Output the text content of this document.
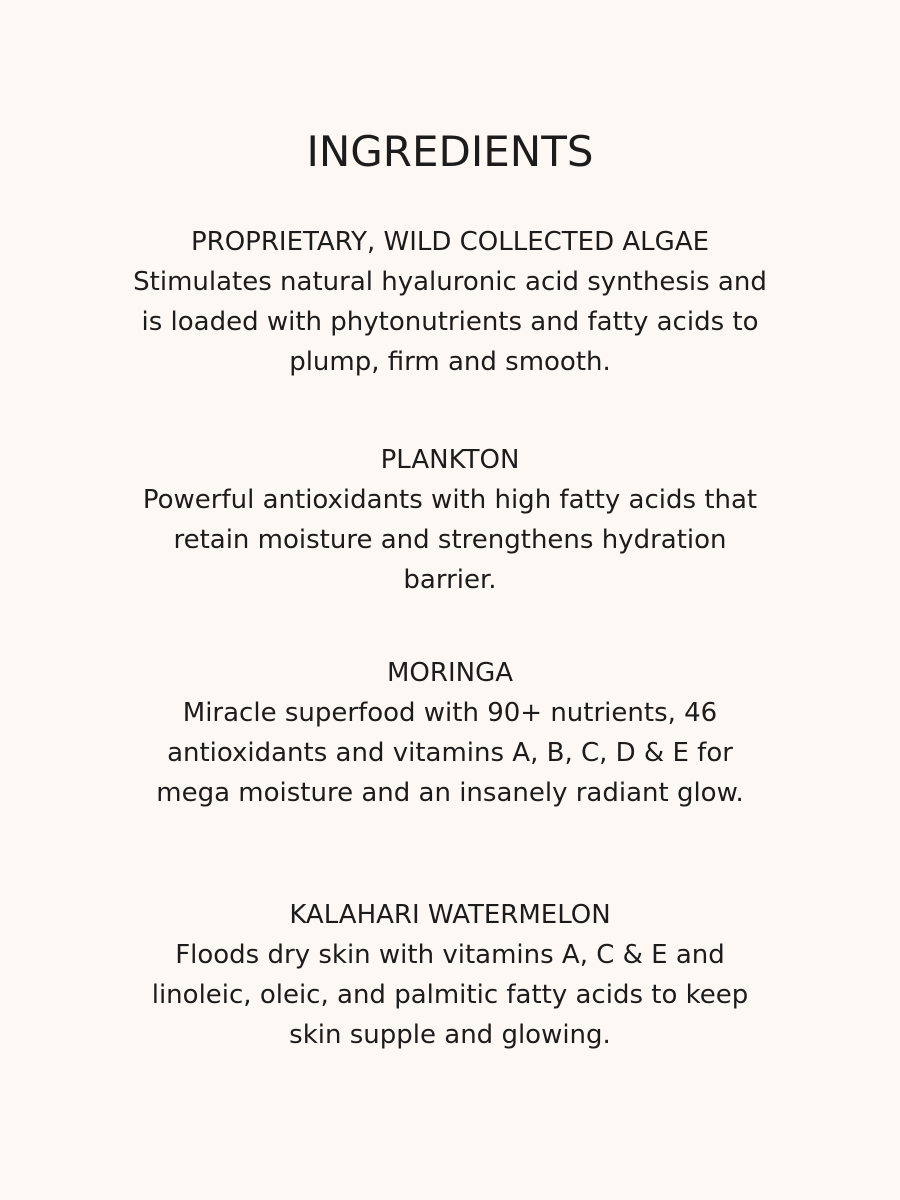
INGREDIENTS
PROPRIETARY, WILD COLLECTED ALGAE

Stimulates natural hyaluronic acid synthesis and is loaded with phytonutrients and fatty acids to plump, firm and smooth.

PLANKTON

Powerful antioxidants with high fatty acids that retain moisture and strengthens hydration barrier.

MORINGA

Miracle superfood with 90+ nutrients, 46 antioxidants and vitamins A, B, C, D & E for mega moisture and an insanely radiant glow.

KALAHARI WATERMELON

Floods dry skin with vitamins A, C & E and linoleic, oleic, and palmitic fatty acids to keep skin supple and glowing.
